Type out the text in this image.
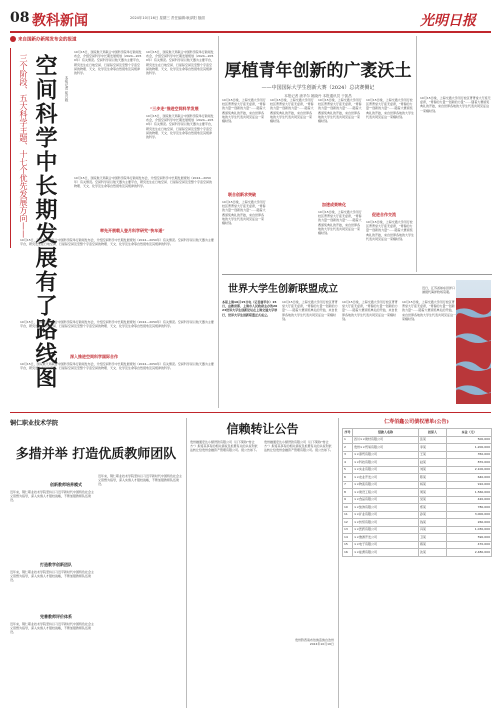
08 教科新闻	2024年10月16日 星期三 责任编辑:耿泽阳 版面	光明日报
来自国新办新闻发布会的报道
三个阶段、五大科学主题、十七个优先发展方向—— 空间科学中长期发展有了路线图 本报记者 崔兴毅
10月15日，国家航天局联合中国科学院举行新闻发布会，介绍空间科学中长期发展规划（2024—2050年）有关情况。空间科学是以航天器为主要平台，研究发生在日地空间、行星际空间及至整个宇宙空间的物理、天文、化学及生命等自然现象及其规律的科学。
10月15日，国家航天局联合中国科学院举行新闻发布会，介绍空间科学中长期发展规划（2024—2050年）有关情况。空间科学是以航天器为主要平台，研究发生在日地空间、行星际空间及至整个宇宙空间的物理、天文、化学及生命等自然现象及其规律的科学。
“三步走”推进空间科学发展
10月15日，国家航天局联合中国科学院举行新闻发布会，介绍空间科学中长期发展规划（2024—2050年）有关情况。空间科学是以航天器为主要平台，研究发生在日地空间、行星际空间及至整个宇宙空间的物理、天文、化学及生命等自然现象及其规律的科学。
10月15日，国家航天局联合中国科学院举行新闻发布会，介绍空间科学中长期发展规划（2024—2050年）有关情况。空间科学是以航天器为主要平台，研究发生在日地空间、行星际空间及至整个宇宙空间的物理、天文、化学及生命等自然现象及其规律的科学。
率先开展载人登月科学研究“快车道”
10月15日，国家航天局联合中国科学院举行新闻发布会，介绍空间科学中长期发展规划（2024—2050年）有关情况。空间科学是以航天器为主要平台，研究发生在日地空间、行星际空间及至整个宇宙空间的物理、天文、化学及生命等自然现象及其规律的科学。
10月15日，国家航天局联合中国科学院举行新闻发布会，介绍空间科学中长期发展规划（2024—2050年）有关情况。空间科学是以航天器为主要平台，研究发生在日地空间、行星际空间及至整个宇宙空间的物理、天文、化学及生命等自然现象及其规律的科学。
深入推进空间科学国际合作
10月15日，国家航天局联合中国科学院举行新闻发布会，介绍空间科学中长期发展规划（2024—2050年）有关情况。空间科学是以航天器为主要平台，研究发生在日地空间、行星际空间及至整个宇宙空间的物理、天文、化学及生命等自然现象及其规律的科学。
厚植青年创新的广袤沃土
——中国国际大学生创新大赛（2024）总决赛侧记
本报记者 唐芊尔 姚晓丹 本报通讯员 于凯昌
10月15日晚，上海交通大学闵行校区菁菁堂大厅座无虚席，“青春的力量”“创新的力量”……随着大赛颁奖典礼的开始，来自世界各地的大学生代表共同见证这一荣耀时刻。
联合创新求突破
10月15日晚，上海交通大学闵行校区菁菁堂大厅座无虚席，“青春的力量”“创新的力量”……随着大赛颁奖典礼的开始，来自世界各地的大学生代表共同见证这一荣耀时刻。
10月15日晚，上海交通大学闵行校区菁菁堂大厅座无虚席，“青春的力量”“创新的力量”……随着大赛颁奖典礼的开始，来自世界各地的大学生代表共同见证这一荣耀时刻。
10月15日晚，上海交通大学闵行校区菁菁堂大厅座无虚席，“青春的力量”“创新的力量”……随着大赛颁奖典礼的开始，来自世界各地的大学生代表共同见证这一荣耀时刻。
加速成果转化
10月15日晚，上海交通大学闵行校区菁菁堂大厅座无虚席，“青春的力量”“创新的力量”……随着大赛颁奖典礼的开始，来自世界各地的大学生代表共同见证这一荣耀时刻。
10月15日晚，上海交通大学闵行校区菁菁堂大厅座无虚席，“青春的力量”“创新的力量”……随着大赛颁奖典礼的开始，来自世界各地的大学生代表共同见证这一荣耀时刻。
促进合作交流
10月15日晚，上海交通大学闵行校区菁菁堂大厅座无虚席，“青春的力量”“创新的力量”……随着大赛颁奖典礼的开始，来自世界各地的大学生代表共同见证这一荣耀时刻。
世界大学生创新联盟成立
本报上海10月15日电（记者唐芊尔）15日，由教育部、上海市人民政府主办的2024世界大学生创新论坛在上海交通大学举行，世界大学生创新联盟正式成立。
10月15日晚，上海交通大学闵行校区菁菁堂大厅座无虚席，“青春的力量”“创新的力量”……随着大赛颁奖典礼的开始，来自世界各地的大学生代表共同见证这一荣耀时刻。
10月15日晚，上海交通大学闵行校区菁菁堂大厅座无虚席，“青春的力量”“创新的力量”……随着大赛颁奖典礼的开始，来自世界各地的大学生代表共同见证这一荣耀时刻。
10月15日晚，上海交通大学闵行校区菁菁堂大厅座无虚席，“青春的力量”“创新的力量”……随着大赛颁奖典礼的开始，来自世界各地的大学生代表共同见证这一荣耀时刻。
10月15日晚，上海交通大学闵行校区菁菁堂大厅座无虚席，“青春的力量”“创新的力量”……随着大赛颁奖典礼的开始，来自世界各地的大学生代表共同见证这一荣耀时刻。
近日，江苏省如东县洋口港现代海洋牧场景观。
铜仁职业技术学院
多措并举 打造优质教师团队
创新教师培养模式
近年来，铜仁职业技术学院坚持以习近平新时代中国特色社会主义思想为指导，深入实施人才强校战略，不断加强教师队伍建设。
打造教学创新团队
近年来，铜仁职业技术学院坚持以习近平新时代中国特色社会主义思想为指导，深入实施人才强校战略，不断加强教师队伍建设。
完善教师评价体系
近年来，铜仁职业技术学院坚持以习近平新时代中国特色社会主义思想为指导，深入实施人才强校战略，不断加强教师队伍建设。
近年来，铜仁职业技术学院坚持以习近平新时代中国特色社会主义思想为指导，深入实施人才强校战略，不断加强教师队伍建设。
信赖转让公告
贵州融通宏达小额贷款有限公司（以下简称“转让方”）拟将其享有的相关债权及担费有关的从权利依法转让给贵州金融资产管理有限公司。现公告如下。
贵州融通宏达小额贷款有限公司（以下简称“转让方”）拟将其享有的相关债权及担费有关的从权利依法转让给贵州金融资产管理有限公司。现公告如下。
贵州黔西南布依族苗族自治州
2024年10月16日
仁寿佰鑫公司债权清单(公告)
序号	借款人名称	担保人	本金（元）
1	四川××建材有限公司	张某	500,000
2	贵州××贸易有限公司	李某	1,200,000
3	××商贸有限公司	王某	350,000
4	××科技有限公司	赵某	870,000
5	××实业有限公司	刘某	2,100,000
6	××农业开发公司	陈某	640,000
7	××物流有限公司	杨某	910,000
8	××建设工程公司	周某	1,560,000
9	××食品有限公司	吴某	420,000
10	××装饰有限公司	郑某	780,000
11	××矿业有限公司	孙某	3,000,000
12	××纺织有限公司	钱某	260,000
13	××医药有限公司	冯某	1,030,000
14	××旅游开发公司	卫某	590,000
15	××电子有限公司	蒋某	470,000
16	××能源有限公司	沈某	2,480,000
